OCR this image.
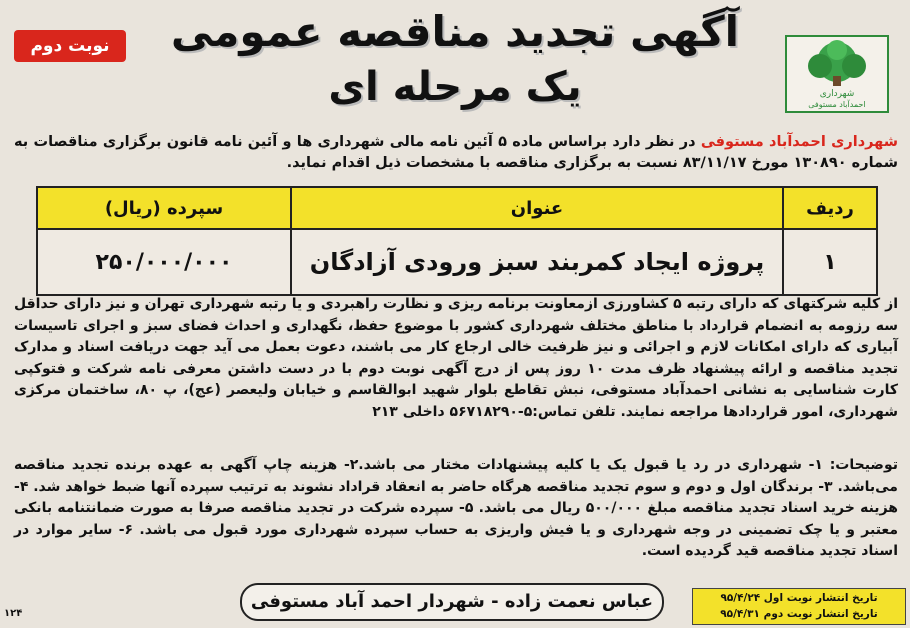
آگهی تجدید مناقصه عمومی
یک مرحله ای
نوبت دوم
شهرداری
احمدآباد مستوفی
شهرداری احمدآباد مستوفی در نظر دارد براساس ماده ۵ آئین نامه مالی شهرداری ها و آئین نامه قانون برگزاری مناقصات به شماره ۱۳۰۸۹۰ مورخ ۸۳/۱۱/۱۷ نسبت به برگزاری مناقصه با مشخصات ذیل اقدام نماید.
ردیف	عنوان	سپرده (ریال)
۱	پروژه ایجاد کمربند سبز ورودی آزادگان	۲۵۰/۰۰۰/۰۰۰
از کلیه شرکتهای که دارای رتبه ۵ کشاورزی ازمعاونت برنامه ریزی و نظارت راهبردی و یا رتبه شهرداری تهران و نیز دارای حداقل سه رزومه به انضمام قرارداد با مناطق مختلف شهرداری کشور با موضوع حفظ، نگهداری و احداث فضای سبز و اجرای تاسیسات آبیاری که دارای امکانات لازم و اجرائی و نیز ظرفیت خالی ارجاع کار می باشند، دعوت بعمل می آید جهت دریافت اسناد و مدارک تجدید مناقصه و ارائه پیشنهاد ظرف مدت ۱۰ روز پس از درج آگهی نوبت دوم با در دست داشتن معرفی نامه شرکت و فتوکپی کارت شناسایی به نشانی احمدآباد مستوفی، نبش تقاطع بلوار شهید ابوالقاسم و خیابان ولیعصر (عج)، پ ۸۰، ساختمان مرکزی شهرداری، امور قراردادها مراجعه نمایند. تلفن تماس:۵-۵۶۷۱۸۲۹۰ داخلی ۲۱۳
توضیحات: ۱- شهرداری در رد یا قبول یک یا کلیه پیشنهادات مختار می باشد.۲- هزینه چاپ آگهی به عهده برنده تجدید مناقصه می‌باشد. ۳- برندگان اول و دوم و سوم تجدید مناقصه هرگاه حاضر به انعقاد قراداد نشوند به ترتیب سپرده آنها ضبط خواهد شد. ۴- هزینه خرید اسناد تجدید مناقصه مبلغ ۵۰۰/۰۰۰ ریال می باشد. ۵- سپرده شرکت در تجدید مناقصه صرفا به صورت ضمانتنامه بانکی معتبر و یا چک تضمینی در وجه شهرداری و یا فیش واریزی به حساب سپرده شهرداری مورد قبول می باشد. ۶- سایر موارد در اسناد تجدید مناقصه قید گردیده است.
عباس نعمت زاده - شهردار احمد آباد مستوفی	تاریخ انتشار نوبت اول ۹۵/۴/۲۴
تاریخ انتشار نوبت دوم ۹۵/۴/۳۱
۱۲۴
